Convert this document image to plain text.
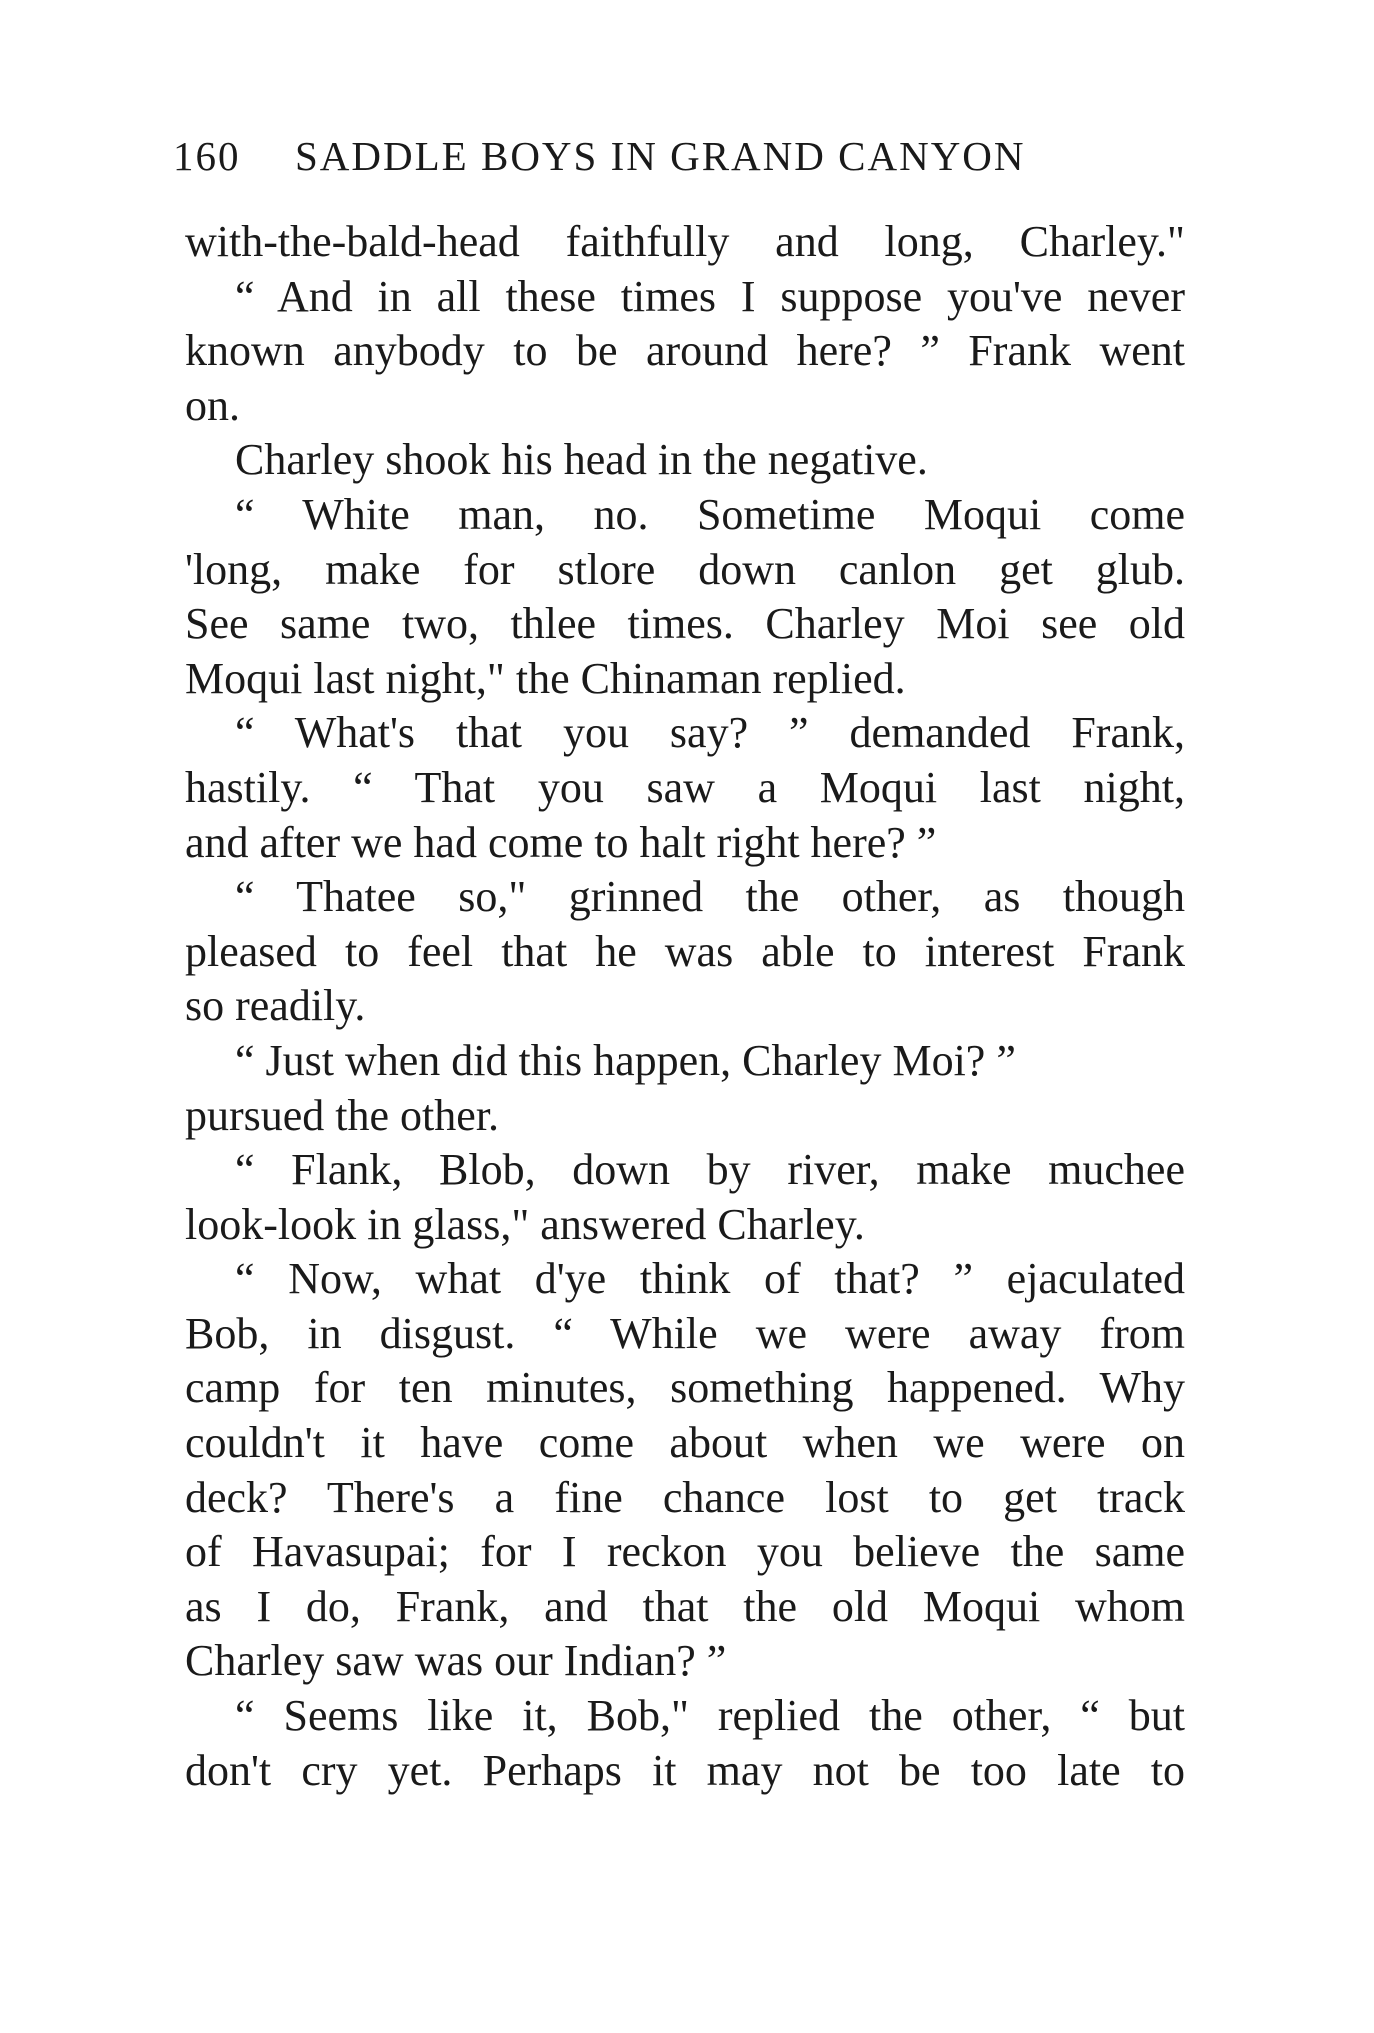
160 SADDLE BOYS IN GRAND CANYON
with-the-bald-head faithfully and long, Charley."
“ And in all these times I suppose you've never
known anybody to be around here? ” Frank went
on.
Charley shook his head in the negative.
“ White man, no. Sometime Moqui come
'long, make for stlore down canlon get glub.
See same two, thlee times. Charley Moi see old
Moqui last night," the Chinaman replied.
“ What's that you say? ” demanded Frank,
hastily. “ That you saw a Moqui last night,
and after we had come to halt right here? ”
“ Thatee so," grinned the other, as though
pleased to feel that he was able to interest Frank
so readily.
“ Just when did this happen, Charley Moi? ”
pursued the other.
“ Flank, Blob, down by river, make muchee
look-look in glass," answered Charley.
“ Now, what d'ye think of that? ” ejaculated
Bob, in disgust. “ While we were away from
camp for ten minutes, something happened. Why
couldn't it have come about when we were on
deck? There's a fine chance lost to get track
of Havasupai; for I reckon you believe the same
as I do, Frank, and that the old Moqui whom
Charley saw was our Indian? ”
“ Seems like it, Bob," replied the other, “ but
don't cry yet. Perhaps it may not be too late to
